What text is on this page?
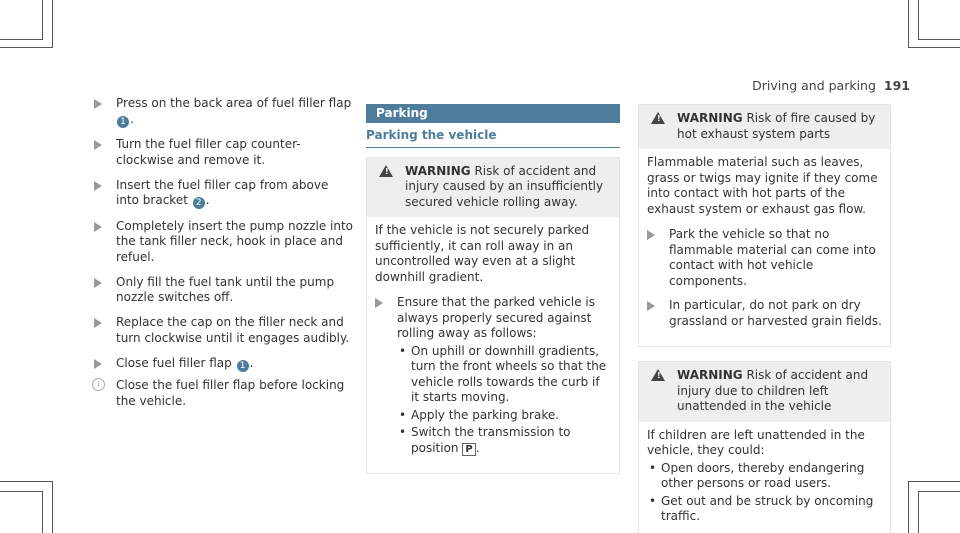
Driving and parking 191
Press on the back area of fuel filler flap 1 .
Turn the fuel filler cap counter-clockwise and remove it.
Insert the fuel filler cap from above into bracket 2 .
Completely insert the pump nozzle into the tank filler neck, hook in place and refuel.
Only fill the fuel tank until the pump nozzle switches off.
Replace the cap on the filler neck and turn clockwise until it engages audibly.
Close fuel filler flap 1 .
i	Close the fuel filler flap before locking the vehicle.
Parking
Parking the vehicle
! WARNING Risk of accident and injury caused by an insufficiently secured vehicle rolling away.

If the vehicle is not securely parked sufficiently, it can roll away in an uncontrolled way even at a slight downhill gradient.

Ensure that the parked vehicle is always properly secured against rolling away as follows:
• On uphill or downhill gradients, turn the front wheels so that the vehicle rolls towards the curb if it starts moving.
• Apply the parking brake.
• Switch the transmission to position P .
! WARNING Risk of fire caused by hot exhaust system parts

Flammable material such as leaves, grass or twigs may ignite if they come into contact with hot parts of the exhaust system or exhaust gas flow.

Park the vehicle so that no flammable material can come into contact with hot vehicle components.
In particular, do not park on dry grassland or harvested grain fields.
! WARNING Risk of accident and injury due to children left unattended in the vehicle

If children are left unattended in the vehicle, they could:

• Open doors, thereby endangering other persons or road users.
• Get out and be struck by oncoming traffic.
